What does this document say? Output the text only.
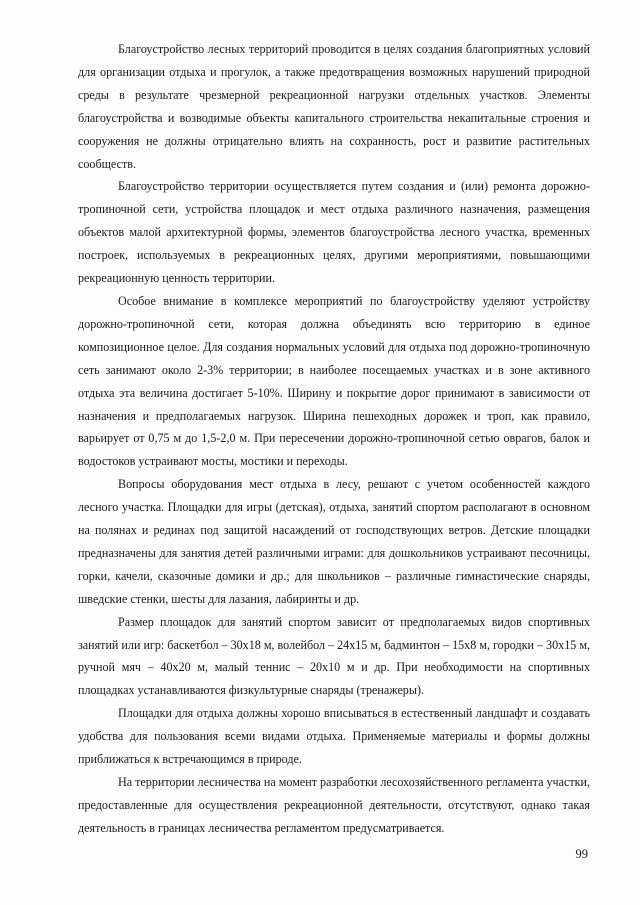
Благоустройство лесных территорий проводится в целях создания благоприятных условий для организации отдыха и прогулок, а также предотвращения возможных нарушений природной среды в результате чрезмерной рекреационной нагрузки отдельных участков. Элементы благоустройства и возводимые объекты капитального строительства некапитальные строения и сооружения не должны отрицательно влиять на сохранность, рост и развитие растительных сообществ.

Благоустройство территории осуществляется путем создания и (или) ремонта дорожно-тропиночной сети, устройства площадок и мест отдыха различного назначения, размещения объектов малой архитектурной формы, элементов благоустройства лесного участка, временных построек, используемых в рекреационных целях, другими мероприятиями, повышающими рекреационную ценность территории.

Особое внимание в комплексе мероприятий по благоустройству уделяют устройству дорожно-тропиночной сети, которая должна объединять всю территорию в единое композиционное целое. Для создания нормальных условий для отдыха под дорожно-тропиночную сеть занимают около 2-3% территории; в наиболее посещаемых участках и в зоне активного отдыха эта величина достигает 5-10%. Ширину и покрытие дорог принимают в зависимости от назначения и предполагаемых нагрузок. Ширина пешеходных дорожек и троп, как правило, варьирует от 0,75 м до 1,5-2,0 м. При пересечении дорожно-тропиночной сетью оврагов, балок и водостоков устраивают мосты, мостики и переходы.

Вопросы оборудования мест отдыха в лесу, решают с учетом особенностей каждого лесного участка. Площадки для игры (детская), отдыха, занятий спортом располагают в основном на полянах и рединах под защитой насаждений от господствующих ветров. Детские площадки предназначены для занятия детей различными играми: для дошкольников устраивают песочницы, горки, качели, сказочные домики и др.; для школьников – различные гимнастические снаряды, шведские стенки, шесты для лазания, лабиринты и др.

Размер площадок для занятий спортом зависит от предполагаемых видов спортивных занятий или игр: баскетбол – 30х18 м, волейбол – 24х15 м, бадминтон – 15х8 м, городки – 30х15 м, ручной мяч – 40х20 м, малый теннис – 20х10 м и др. При необходимости на спортивных площадках устанавливаются физкультурные снаряды (тренажеры).

Площадки для отдыха должны хорошо вписываться в естественный ландшафт и создавать удобства для пользования всеми видами отдыха. Применяемые материалы и формы должны приближаться к встречающимся в природе.

На территории лесничества на момент разработки лесохозяйственного регламента участки, предоставленные для осуществления рекреационной деятельности, отсутствуют, однако такая деятельность в границах лесничества регламентом предусматривается.

99
